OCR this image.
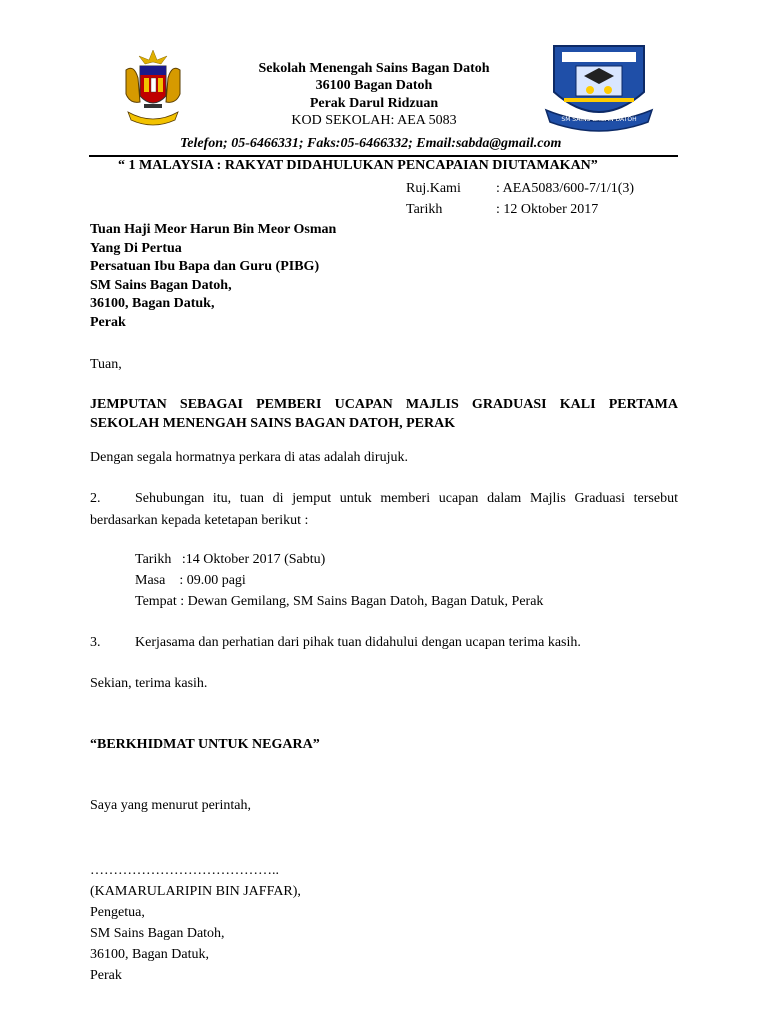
SM SAINS BAGAN DATOH
Sekolah Menengah Sains Bagan Datoh
36100 Bagan Datoh
Perak Darul Ridzuan
KOD SEKOLAH: AEA 5083
Telefon; 05-6466331; Faks:05-6466332; Email:sabda@gmail.com
“ 1 MALAYSIA : RAKYAT DIDAHULUKAN PENCAPAIAN DIUTAMAKAN”
Ruj.Kami	: AEA5083/600-7/1/1(3)
Tarikh	: 12 Oktober 2017
Tuan Haji Meor Harun Bin Meor Osman
Yang Di Pertua
Persatuan Ibu Bapa dan Guru (PIBG)
SM Sains Bagan Datoh,
36100, Bagan Datuk,
Perak
Tuan,
JEMPUTAN SEBAGAI PEMBERI UCAPAN MAJLIS GRADUASI KALI PERTAMA
SEKOLAH MENENGAH SAINS BAGAN DATOH, PERAK
Dengan segala hormatnya perkara di atas adalah dirujuk.
2. Sehubungan itu, tuan di jemput untuk memberi ucapan dalam Majlis Graduasi tersebut
berdasarkan kepada ketetapan berikut :
Tarikh   :14 Oktober 2017 (Sabtu)
Masa    : 09.00 pagi
Tempat : Dewan Gemilang, SM Sains Bagan Datoh, Bagan Datuk, Perak
3. Kerjasama dan perhatian dari pihak tuan didahului dengan ucapan terima kasih.
Sekian, terima kasih.
“BERKHIDMAT UNTUK NEGARA”
Saya yang menurut perintah,
…………………………………..
(KAMARULARIPIN BIN JAFFAR),
Pengetua,
SM Sains Bagan Datoh,
36100, Bagan Datuk,
Perak
